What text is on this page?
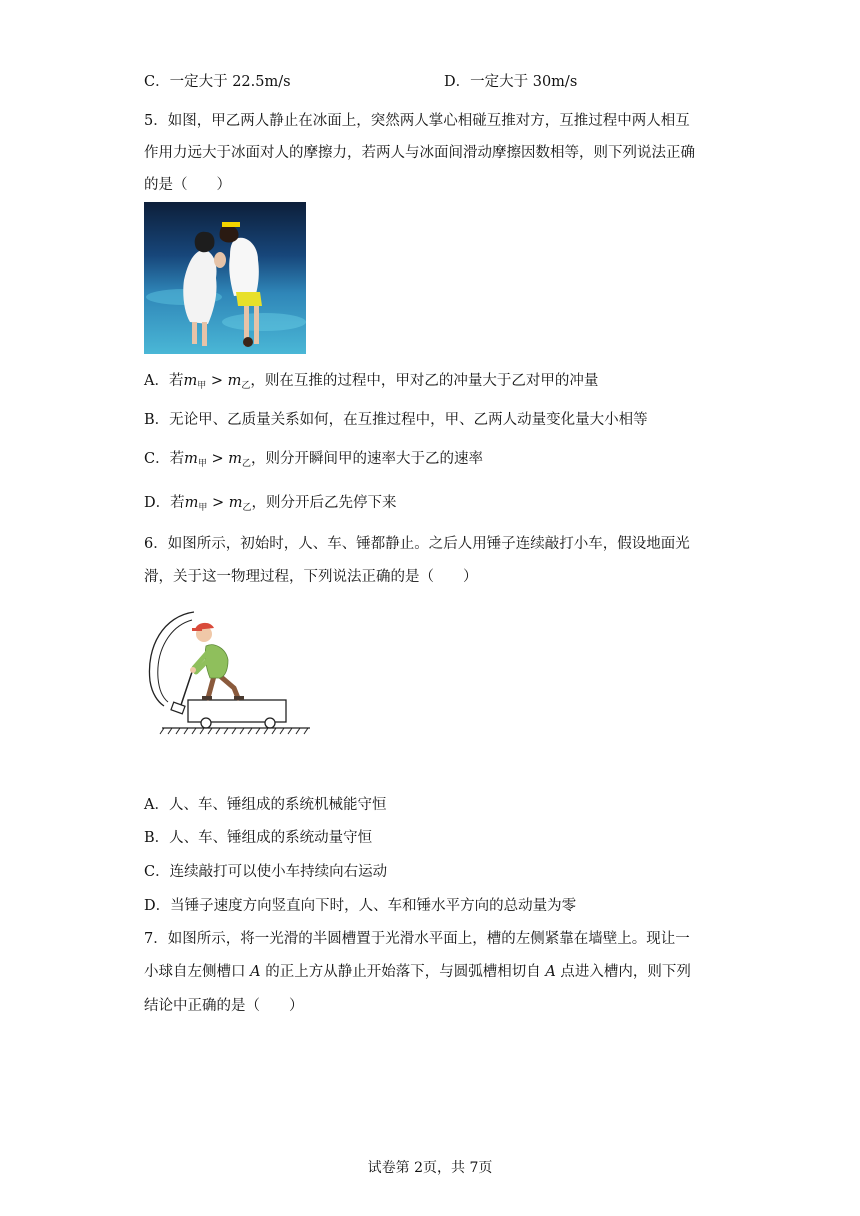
C．一定大于 22.5m/s	D．一定大于 30m/s
5．如图，甲乙两人静止在冰面上，突然两人掌心相碰互推对方，互推过程中两人相互
作用力远大于冰面对人的摩擦力，若两人与冰面间滑动摩擦因数相等，则下列说法正确
的是（　　）
A．若$m_甲 > m_乙$，则在互推的过程中，甲对乙的冲量大于乙对甲的冲量
B．无论甲、乙质量关系如何，在互推过程中，甲、乙两人动量变化量大小相等
C．若$m_甲 > m_乙$，则分开瞬间甲的速率大于乙的速率
D．若$m_甲 > m_乙$，则分开后乙先停下来
6．如图所示，初始时，人、车、锤都静止。之后人用锤子连续敲打小车，假设地面光
滑，关于这一物理过程，下列说法正确的是（　　）
A．人、车、锤组成的系统机械能守恒
B．人、车、锤组成的系统动量守恒
C．连续敲打可以使小车持续向右运动
D．当锤子速度方向竖直向下时，人、车和锤水平方向的总动量为零
7．如图所示，将一光滑的半圆槽置于光滑水平面上，槽的左侧紧靠在墙壁上。现让一
小球自左侧槽口 A 的正上方从静止开始落下，与圆弧槽相切自 A 点进入槽内，则下列
结论中正确的是（　　）
试卷第 2页，共 7页
